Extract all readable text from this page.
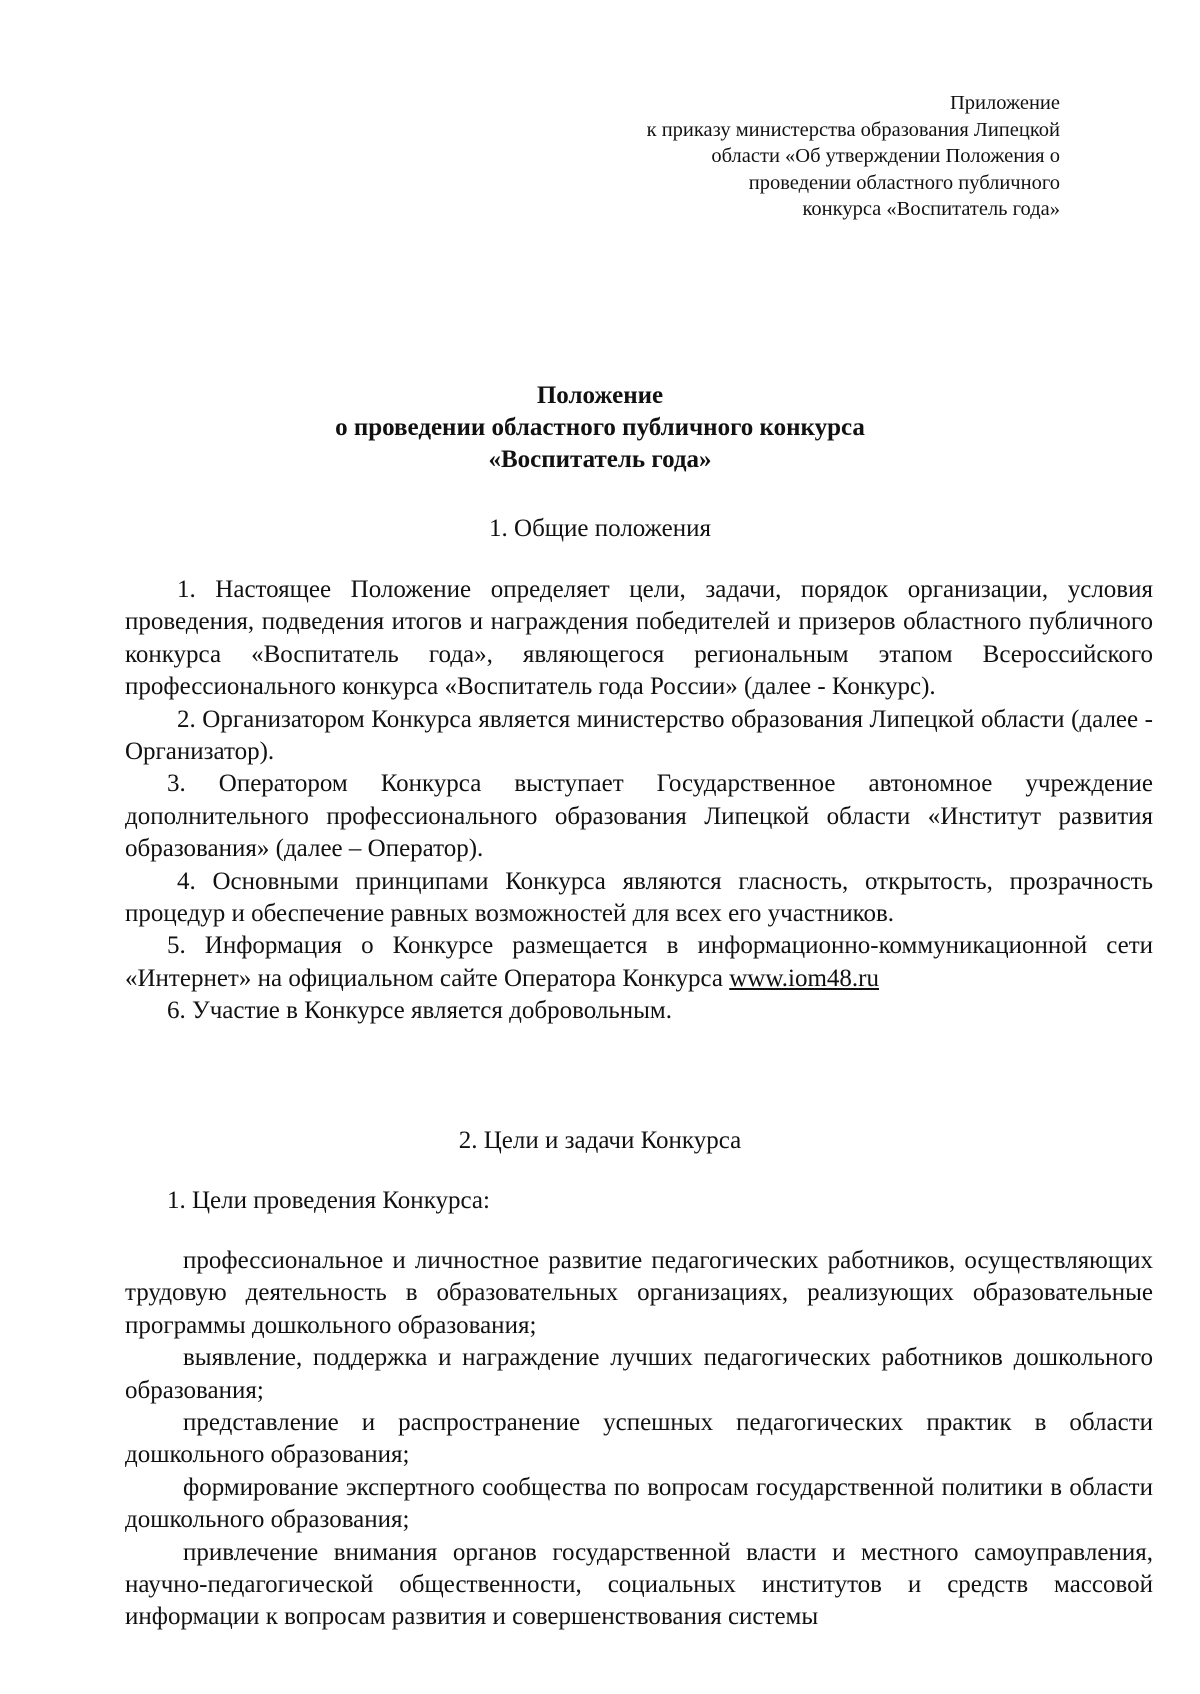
Приложение
к приказу министерства образования Липецкой
области «Об утверждении Положения о
проведении областного публичного
конкурса «Воспитатель года»
Положение
о проведении областного публичного конкурса
«Воспитатель года»
1. Общие положения

1. Настоящее Положение определяет цели, задачи, порядок организации, условия проведения, подведения итогов и награждения победителей и призеров областного публичного конкурса «Воспитатель года», являющегося региональным этапом Всероссийского профессионального конкурса «Воспитатель года России» (далее - Конкурс).

2. Организатором Конкурса является министерство образования Липецкой области (далее - Организатор).

3. Оператором Конкурса выступает Государственное автономное учреждение дополнительного профессионального образования Липецкой области «Институт развития образования» (далее – Оператор).

4. Основными принципами Конкурса являются гласность, открытость, прозрачность процедур и обеспечение равных возможностей для всех его участников.

5. Информация о Конкурсе размещается в информационно-коммуникационной сети «Интернет» на официальном сайте Оператора Конкурса www.iom48.ru

6. Участие в Конкурсе является добровольным.

2. Цели и задачи Конкурса

1. Цели проведения Конкурса:

профессиональное и личностное развитие педагогических работников, осуществляющих трудовую деятельность в образовательных организациях, реализующих образовательные программы дошкольного образования;

выявление, поддержка и награждение лучших педагогических работников дошкольного образования;

представление и распространение успешных педагогических практик в области дошкольного образования;

формирование экспертного сообщества по вопросам государственной политики в области дошкольного образования;

привлечение внимания органов государственной власти и местного самоуправления, научно-педагогической общественности, социальных институтов и средств массовой информации к вопросам развития и совершенствования системы
